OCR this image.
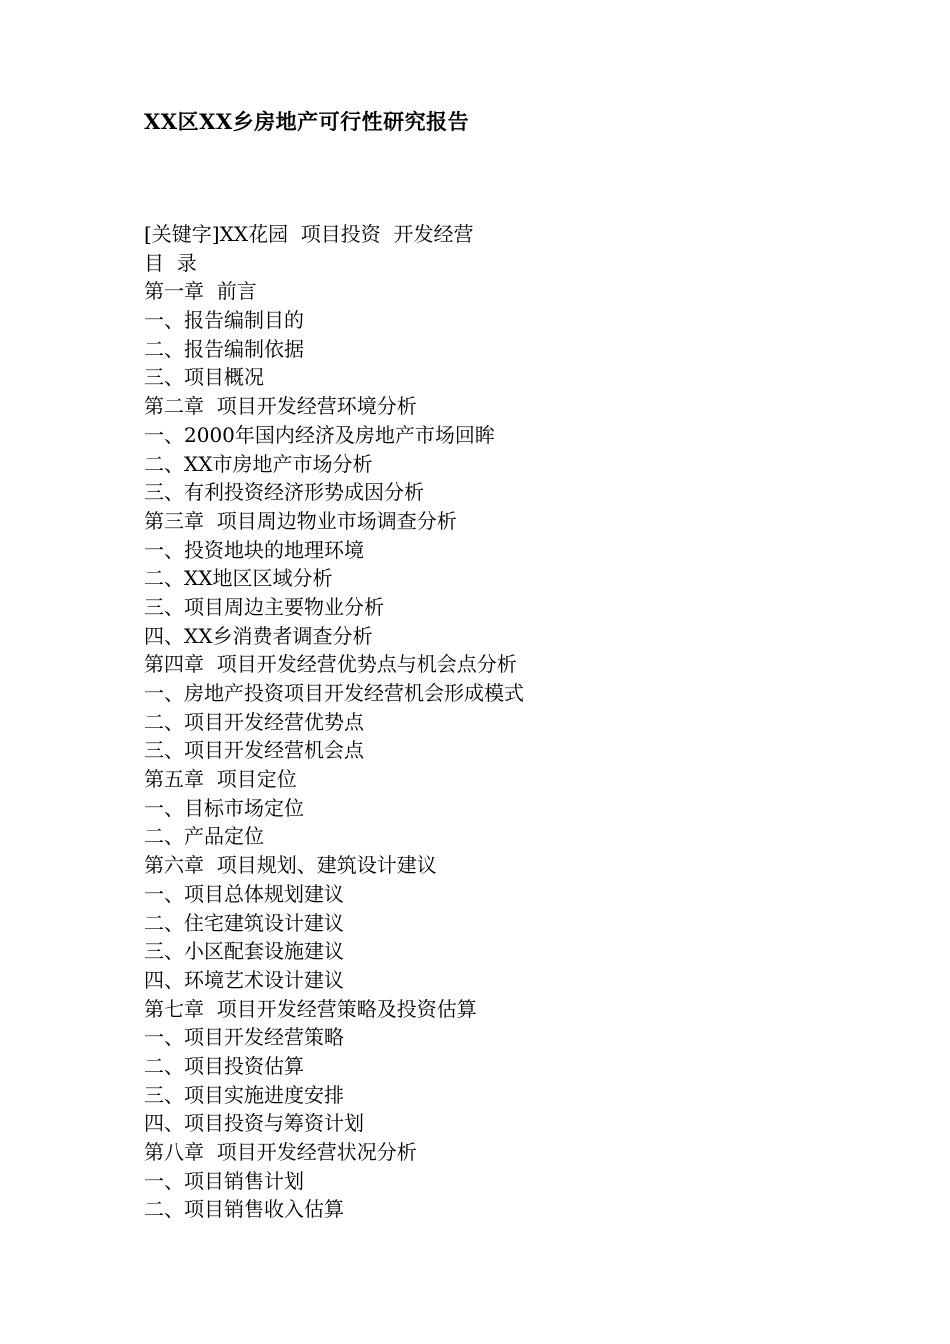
XX区XX乡房地产可行性研究报告

[关键字]XX花园  项目投资  开发经营

目  录

第一章  前言

一、报告编制目的

二、报告编制依据

三、项目概况

第二章  项目开发经营环境分析

一、2000年国内经济及房地产市场回眸

二、XX市房地产市场分析

三、有利投资经济形势成因分析

第三章  项目周边物业市场调查分析

一、投资地块的地理环境

二、XX地区区域分析

三、项目周边主要物业分析

四、XX乡消费者调查分析

第四章  项目开发经营优势点与机会点分析

一、房地产投资项目开发经营机会形成模式

二、项目开发经营优势点

三、项目开发经营机会点

第五章  项目定位

一、目标市场定位

二、产品定位

第六章  项目规划、建筑设计建议

一、项目总体规划建议

二、住宅建筑设计建议

三、小区配套设施建议

四、环境艺术设计建议

第七章  项目开发经营策略及投资估算

一、项目开发经营策略

二、项目投资估算

三、项目实施进度安排

四、项目投资与筹资计划

第八章  项目开发经营状况分析

一、项目销售计划

二、项目销售收入估算
